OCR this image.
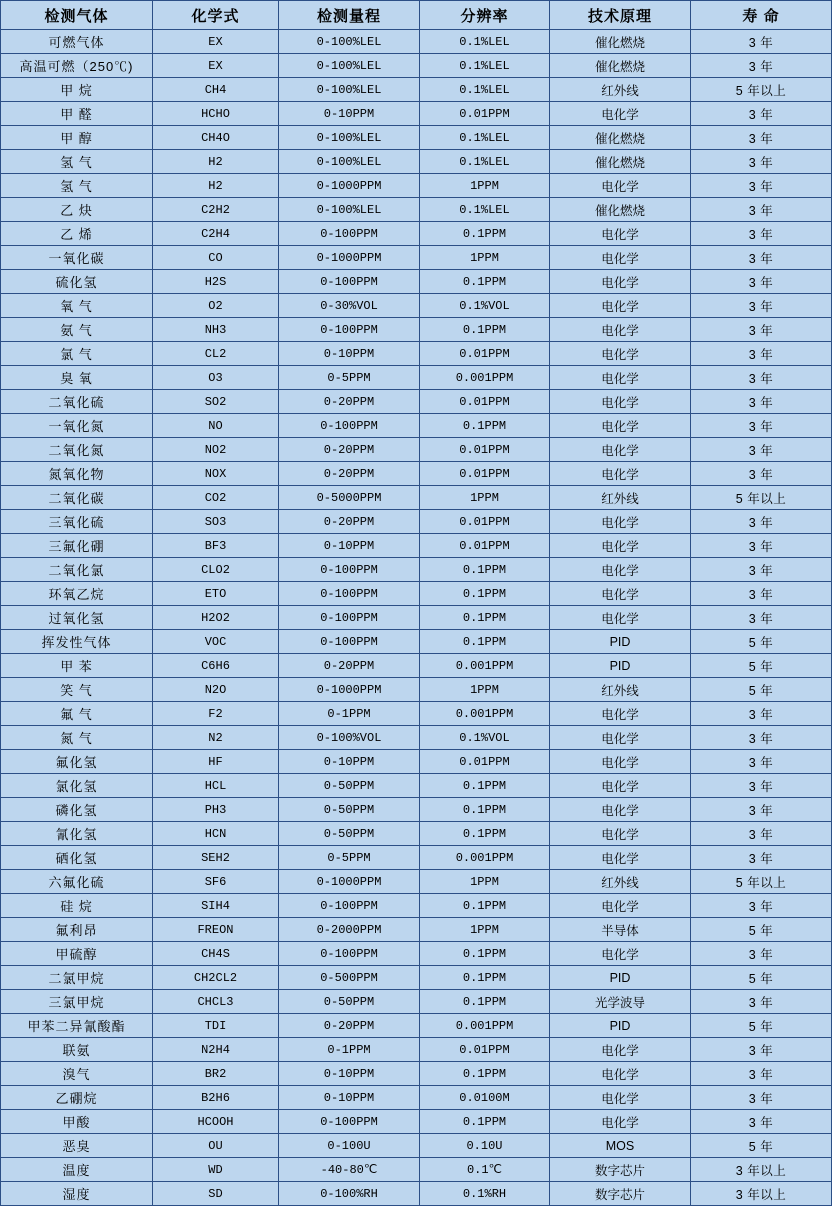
检测气体	化学式	检测量程	分辨率	技术原理	寿 命
可燃气体	EX	0-100%LEL	0.1%LEL	催化燃烧	3 年
高温可燃（250℃)	EX	0-100%LEL	0.1%LEL	催化燃烧	3 年
甲 烷	CH4	0-100%LEL	0.1%LEL	红外线	5 年以上
甲 醛	HCHO	0-10PPM	0.01PPM	电化学	3 年
甲 醇	CH4O	0-100%LEL	0.1%LEL	催化燃烧	3 年
氢 气	H2	0-100%LEL	0.1%LEL	催化燃烧	3 年
氢 气	H2	0-1000PPM	1PPM	电化学	3 年
乙 炔	C2H2	0-100%LEL	0.1%LEL	催化燃烧	3 年
乙 烯	C2H4	0-100PPM	0.1PPM	电化学	3 年
一氧化碳	CO	0-1000PPM	1PPM	电化学	3 年
硫化氢	H2S	0-100PPM	0.1PPM	电化学	3 年
氧 气	O2	0-30%VOL	0.1%VOL	电化学	3 年
氨 气	NH3	0-100PPM	0.1PPM	电化学	3 年
氯 气	CL2	0-10PPM	0.01PPM	电化学	3 年
臭 氧	O3	0-5PPM	0.001PPM	电化学	3 年
二氧化硫	SO2	0-20PPM	0.01PPM	电化学	3 年
一氧化氮	NO	0-100PPM	0.1PPM	电化学	3 年
二氧化氮	NO2	0-20PPM	0.01PPM	电化学	3 年
氮氧化物	NOX	0-20PPM	0.01PPM	电化学	3 年
二氧化碳	CO2	0-5000PPM	1PPM	红外线	5 年以上
三氧化硫	SO3	0-20PPM	0.01PPM	电化学	3 年
三氟化硼	BF3	0-10PPM	0.01PPM	电化学	3 年
二氧化氯	CLO2	0-100PPM	0.1PPM	电化学	3 年
环氧乙烷	ETO	0-100PPM	0.1PPM	电化学	3 年
过氧化氢	H2O2	0-100PPM	0.1PPM	电化学	3 年
挥发性气体	VOC	0-100PPM	0.1PPM	PID	5 年
甲 苯	C6H6	0-20PPM	0.001PPM	PID	5 年
笑 气	N2O	0-1000PPM	1PPM	红外线	5 年
氟 气	F2	0-1PPM	0.001PPM	电化学	3 年
氮 气	N2	0-100%VOL	0.1%VOL	电化学	3 年
氟化氢	HF	0-10PPM	0.01PPM	电化学	3 年
氯化氢	HCL	0-50PPM	0.1PPM	电化学	3 年
磷化氢	PH3	0-50PPM	0.1PPM	电化学	3 年
氰化氢	HCN	0-50PPM	0.1PPM	电化学	3 年
硒化氢	SEH2	0-5PPM	0.001PPM	电化学	3 年
六氟化硫	SF6	0-1000PPM	1PPM	红外线	5 年以上
硅 烷	SIH4	0-100PPM	0.1PPM	电化学	3 年
氟利昂	FREON	0-2000PPM	1PPM	半导体	5 年
甲硫醇	CH4S	0-100PPM	0.1PPM	电化学	3 年
二氯甲烷	CH2CL2	0-500PPM	0.1PPM	PID	5 年
三氯甲烷	CHCL3	0-50PPM	0.1PPM	光学波导	3 年
甲苯二异氰酸酯	TDI	0-20PPM	0.001PPM	PID	5 年
联氨	N2H4	0-1PPM	0.01PPM	电化学	3 年
溴气	BR2	0-10PPM	0.1PPM	电化学	3 年
乙硼烷	B2H6	0-10PPM	0.0100M	电化学	3 年
甲酸	HCOOH	0-100PPM	0.1PPM	电化学	3 年
恶臭	OU	0-100U	0.10U	MOS	5 年
温度	WD	-40-80℃	0.1℃	数字芯片	3 年以上
湿度	SD	0-100%RH	0.1%RH	数字芯片	3 年以上
